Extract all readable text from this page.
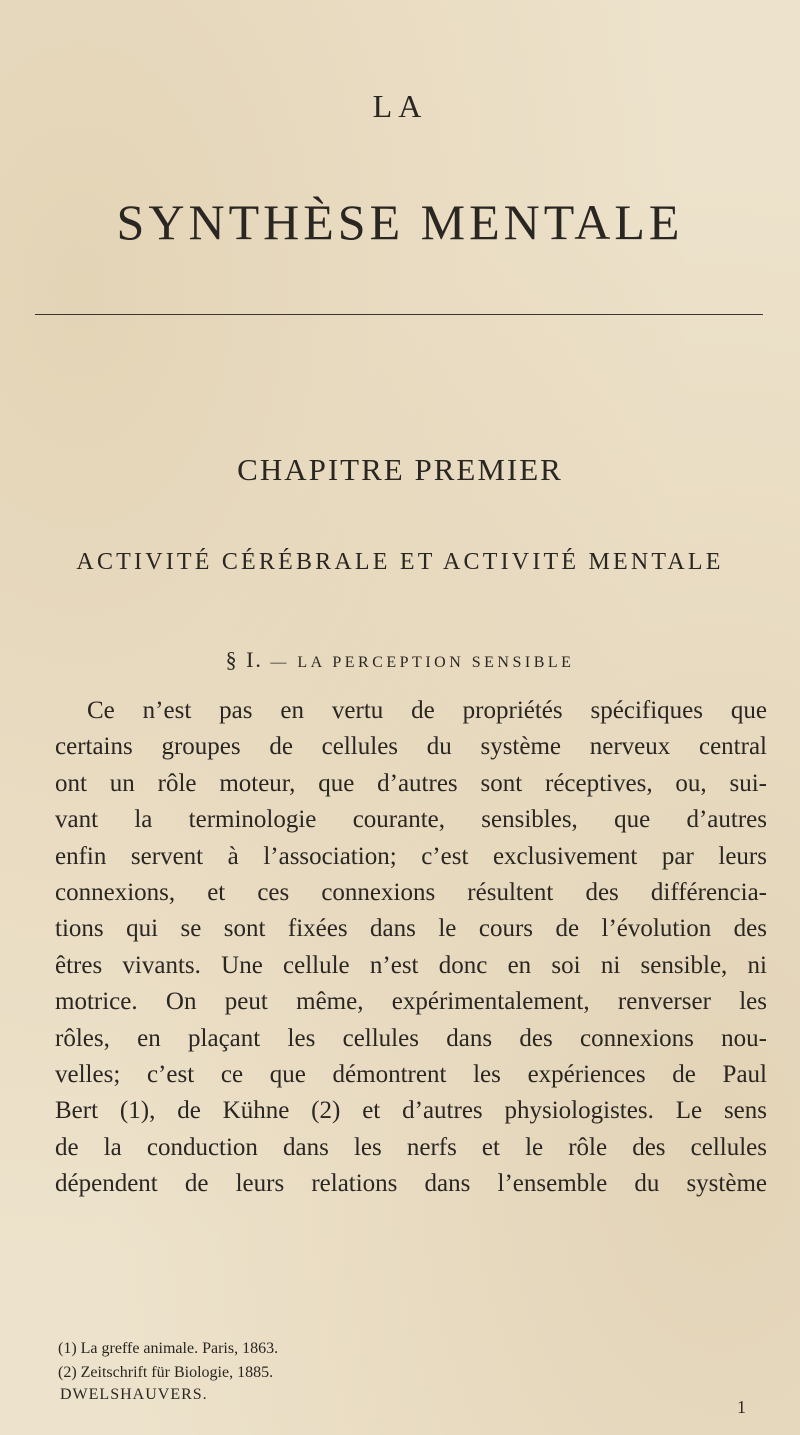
LA
SYNTHÈSE MENTALE
CHAPITRE PREMIER
ACTIVITÉ CÉRÉBRALE ET ACTIVITÉ MENTALE
§ I. — LA PERCEPTION SENSIBLE
Ce n’est pas en vertu de propriétés spécifiques que
certains groupes de cellules du système nerveux central
ont un rôle moteur, que d’autres sont réceptives, ou, sui-
vant la terminologie courante, sensibles, que d’autres
enfin servent à l’association; c’est exclusivement par leurs
connexions, et ces connexions résultent des différencia-
tions qui se sont fixées dans le cours de l’évolution des
êtres vivants. Une cellule n’est donc en soi ni sensible, ni
motrice. On peut même, expérimentalement, renverser les
rôles, en plaçant les cellules dans des connexions nou-
velles; c’est ce que démontrent les expériences de Paul
Bert (1), de Kühne (2) et d’autres physiologistes. Le sens
de la conduction dans les nerfs et le rôle des cellules
dépendent de leurs relations dans l’ensemble du système
(1) La greffe animale. Paris, 1863.
(2) Zeitschrift für Biologie, 1885.
DWELSHAUVERS.
1
